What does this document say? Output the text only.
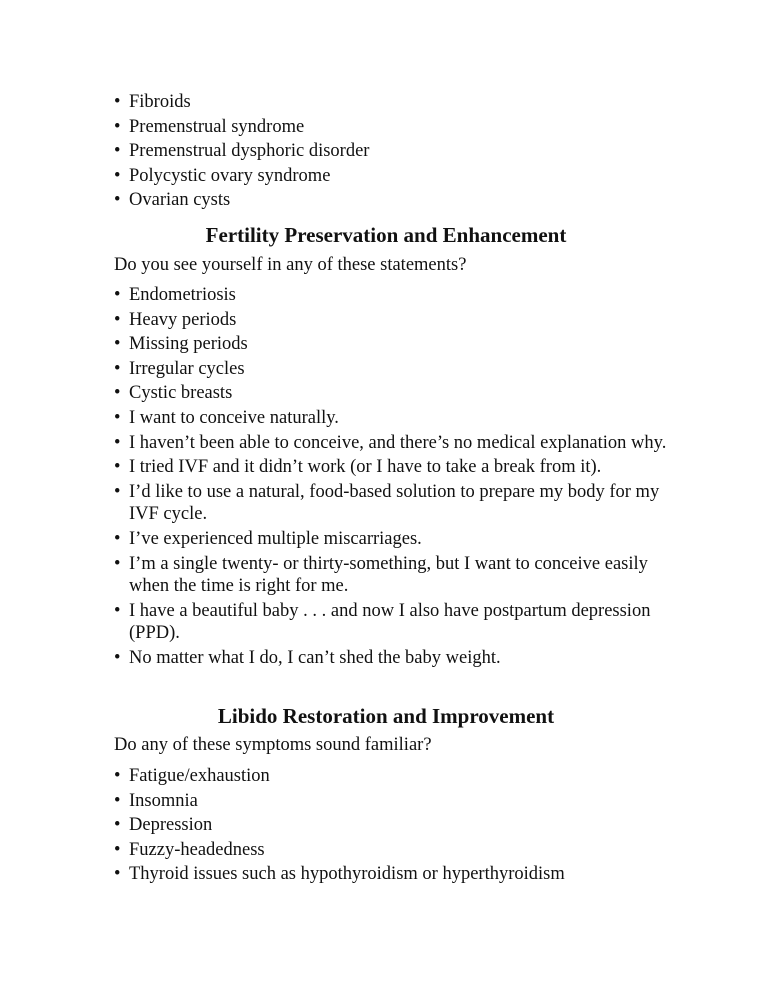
• Fibroids
• Premenstrual syndrome
• Premenstrual dysphoric disorder
• Polycystic ovary syndrome
• Ovarian cysts
Fertility Preservation and Enhancement

Do you see yourself in any of these statements?

• Endometriosis
• Heavy periods
• Missing periods
• Irregular cycles
• Cystic breasts
• I want to conceive naturally.
• I haven’t been able to conceive, and there’s no medical explanation why.
• I tried IVF and it didn’t work (or I have to take a break from it).
• I’d like to use a natural, food-based solution to prepare my body for my IVF cycle.
• I’ve experienced multiple miscarriages.
• I’m a single twenty- or thirty-something, but I want to conceive easily when the time is right for me.
• I have a beautiful baby . . . and now I also have postpartum depression (PPD).
• No matter what I do, I can’t shed the baby weight.
Libido Restoration and Improvement

Do any of these symptoms sound familiar?

• Fatigue/exhaustion
• Insomnia
• Depression
• Fuzzy-headedness
• Thyroid issues such as hypothyroidism or hyperthyroidism
